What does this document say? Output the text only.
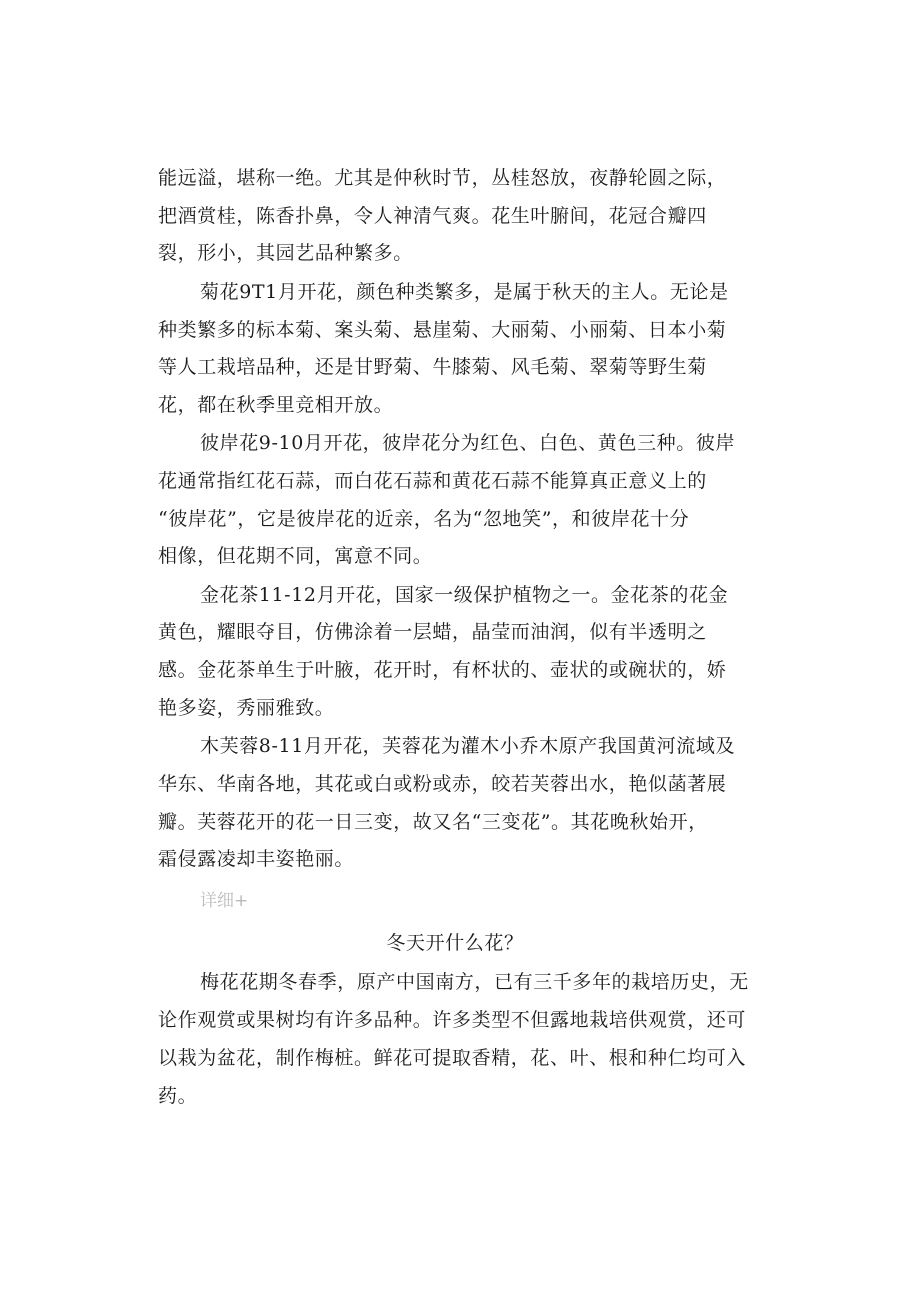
能远溢，堪称一绝。尤其是仲秋时节，丛桂怒放，夜静轮圆之际，
把酒赏桂，陈香扑鼻，令人神清气爽。花生叶腑间，花冠合瓣四
裂，形小，其园艺品种繁多。
菊花9T1月开花，颜色种类繁多，是属于秋天的主人。无论是
种类繁多的标本菊、案头菊、悬崖菊、大丽菊、小丽菊、日本小菊
等人工栽培品种，还是甘野菊、牛膝菊、风毛菊、翠菊等野生菊
花，都在秋季里竞相开放。
彼岸花9-10月开花，彼岸花分为红色、白色、黄色三种。彼岸
花通常指红花石蒜，而白花石蒜和黄花石蒜不能算真正意义上的
“彼岸花”，它是彼岸花的近亲，名为“忽地笑”，和彼岸花十分
相像，但花期不同，寓意不同。
金花茶11-12月开花，国家一级保护植物之一。金花茶的花金
黄色，耀眼夺目，仿佛涂着一层蜡，晶莹而油润，似有半透明之
感。金花茶单生于叶腋，花开时，有杯状的、壶状的或碗状的，娇
艳多姿，秀丽雅致。
木芙蓉8-11月开花，芙蓉花为灌木小乔木原产我国黄河流域及
华东、华南各地，其花或白或粉或赤，皎若芙蓉出水，艳似菡著展
瓣。芙蓉花开的花一日三变，故又名“三变花”。其花晚秋始开，
霜侵露凌却丰姿艳丽。
详细+
冬天开什么花？
梅花花期冬春季，原产中国南方，已有三千多年的栽培历史，无
论作观赏或果树均有许多品种。许多类型不但露地栽培供观赏，还可
以栽为盆花，制作梅桩。鲜花可提取香精，花、叶、根和种仁均可入
药。
